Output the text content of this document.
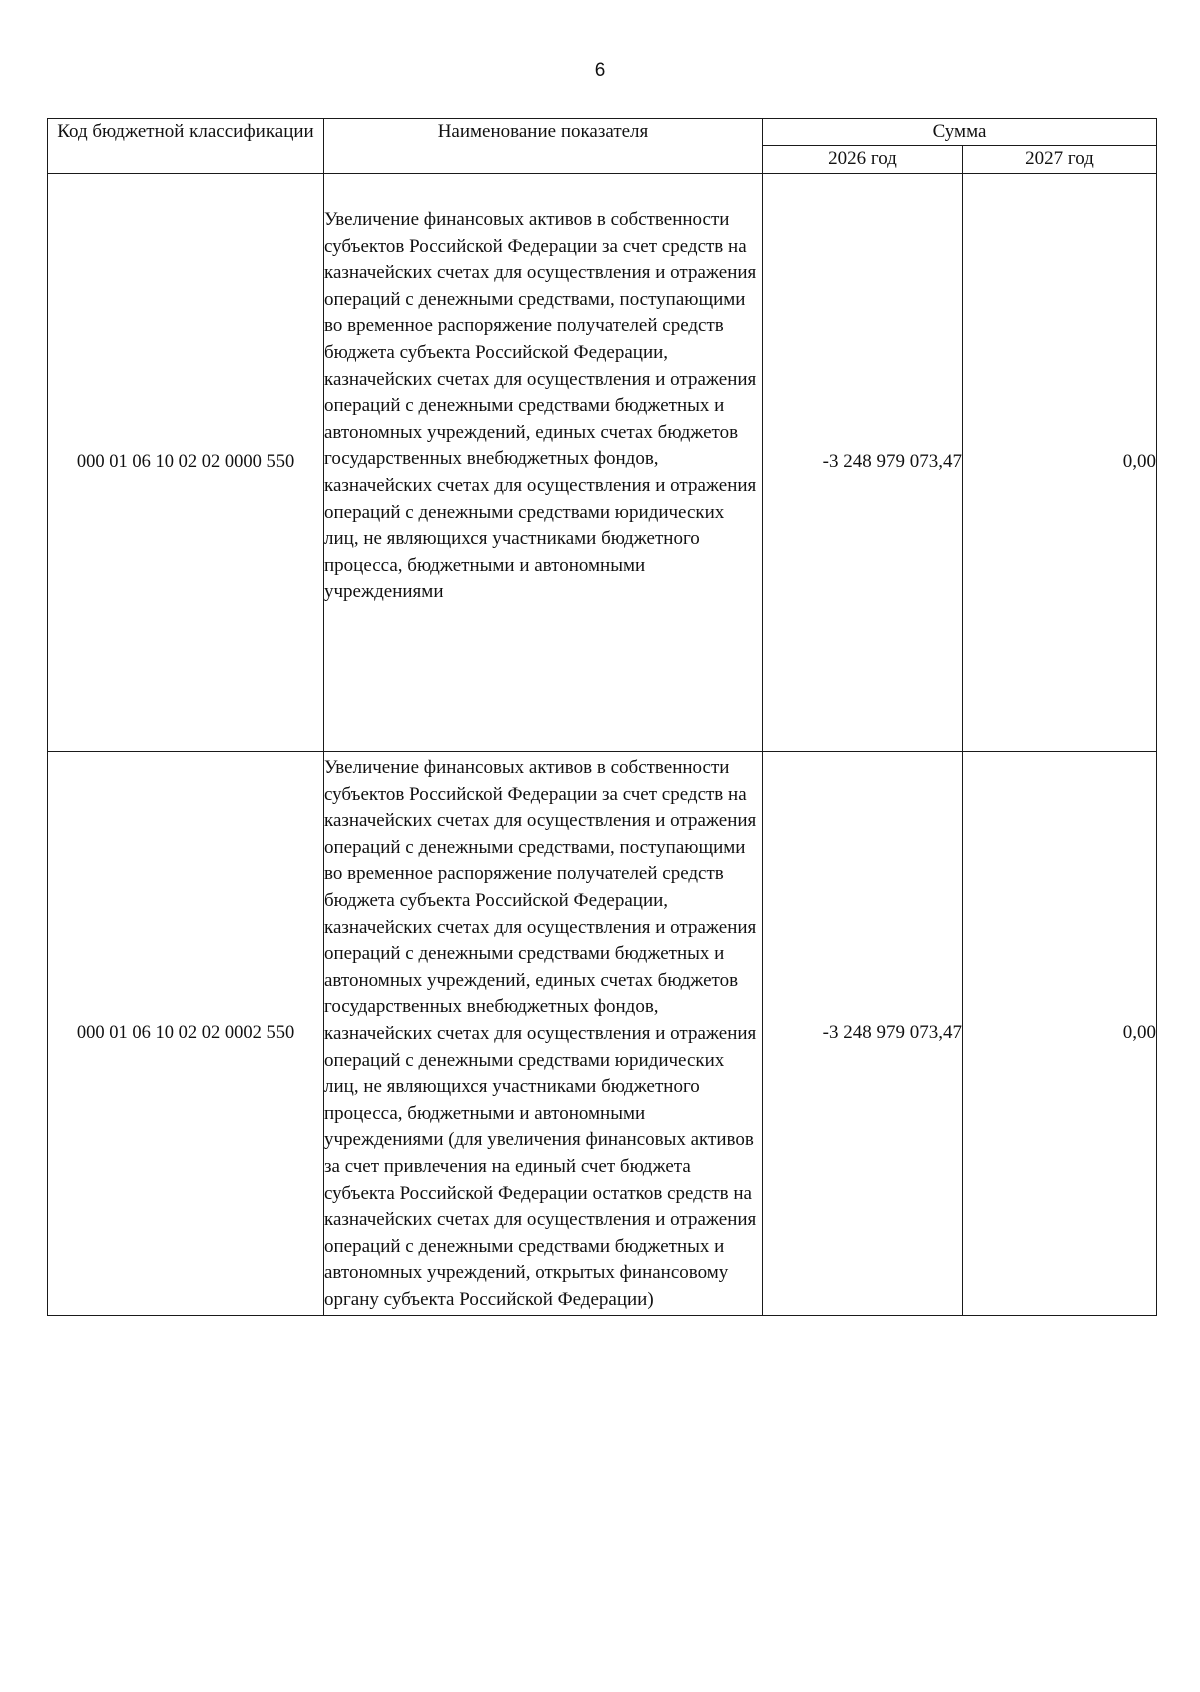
6
Код бюджетной классификации	Наименование показателя	Сумма	
		2026 год	2027 год
000 01 06 10 02 02 0000 550	Увеличение финансовых активов в собственности субъектов Российской Федерации за счет средств на казначейских счетах для осуществления и отражения операций с денежными средствами, поступающими во временное распоряжение получателей средств бюджета субъекта Российской Федерации, казначейских счетах для осуществления и отражения операций с денежными средствами бюджетных и автономных учреждений, единых счетах бюджетов государственных внебюджетных фондов, казначейских счетах для осуществления и отражения операций с денежными средствами юридических лиц, не являющихся участниками бюджетного процесса, бюджетными и автономными учреждениями	-3 248 979 073,47	0,00
000 01 06 10 02 02 0002 550	Увеличение финансовых активов в собственности субъектов Российской Федерации за счет средств на казначейских счетах для осуществления и отражения операций с денежными средствами, поступающими во временное распоряжение получателей средств бюджета субъекта Российской Федерации, казначейских счетах для осуществления и отражения операций с денежными средствами бюджетных и автономных учреждений, единых счетах бюджетов государственных внебюджетных фондов, казначейских счетах для осуществления и отражения операций с денежными средствами юридических лиц, не являющихся участниками бюджетного процесса, бюджетными и автономными учреждениями (для увеличения финансовых активов за счет привлечения на единый счет бюджета субъекта Российской Федерации остатков средств на казначейских счетах для осуществления и отражения операций с денежными средствами бюджетных и автономных учреждений, открытых финансовому органу субъекта Российской Федерации)	-3 248 979 073,47	0,00
